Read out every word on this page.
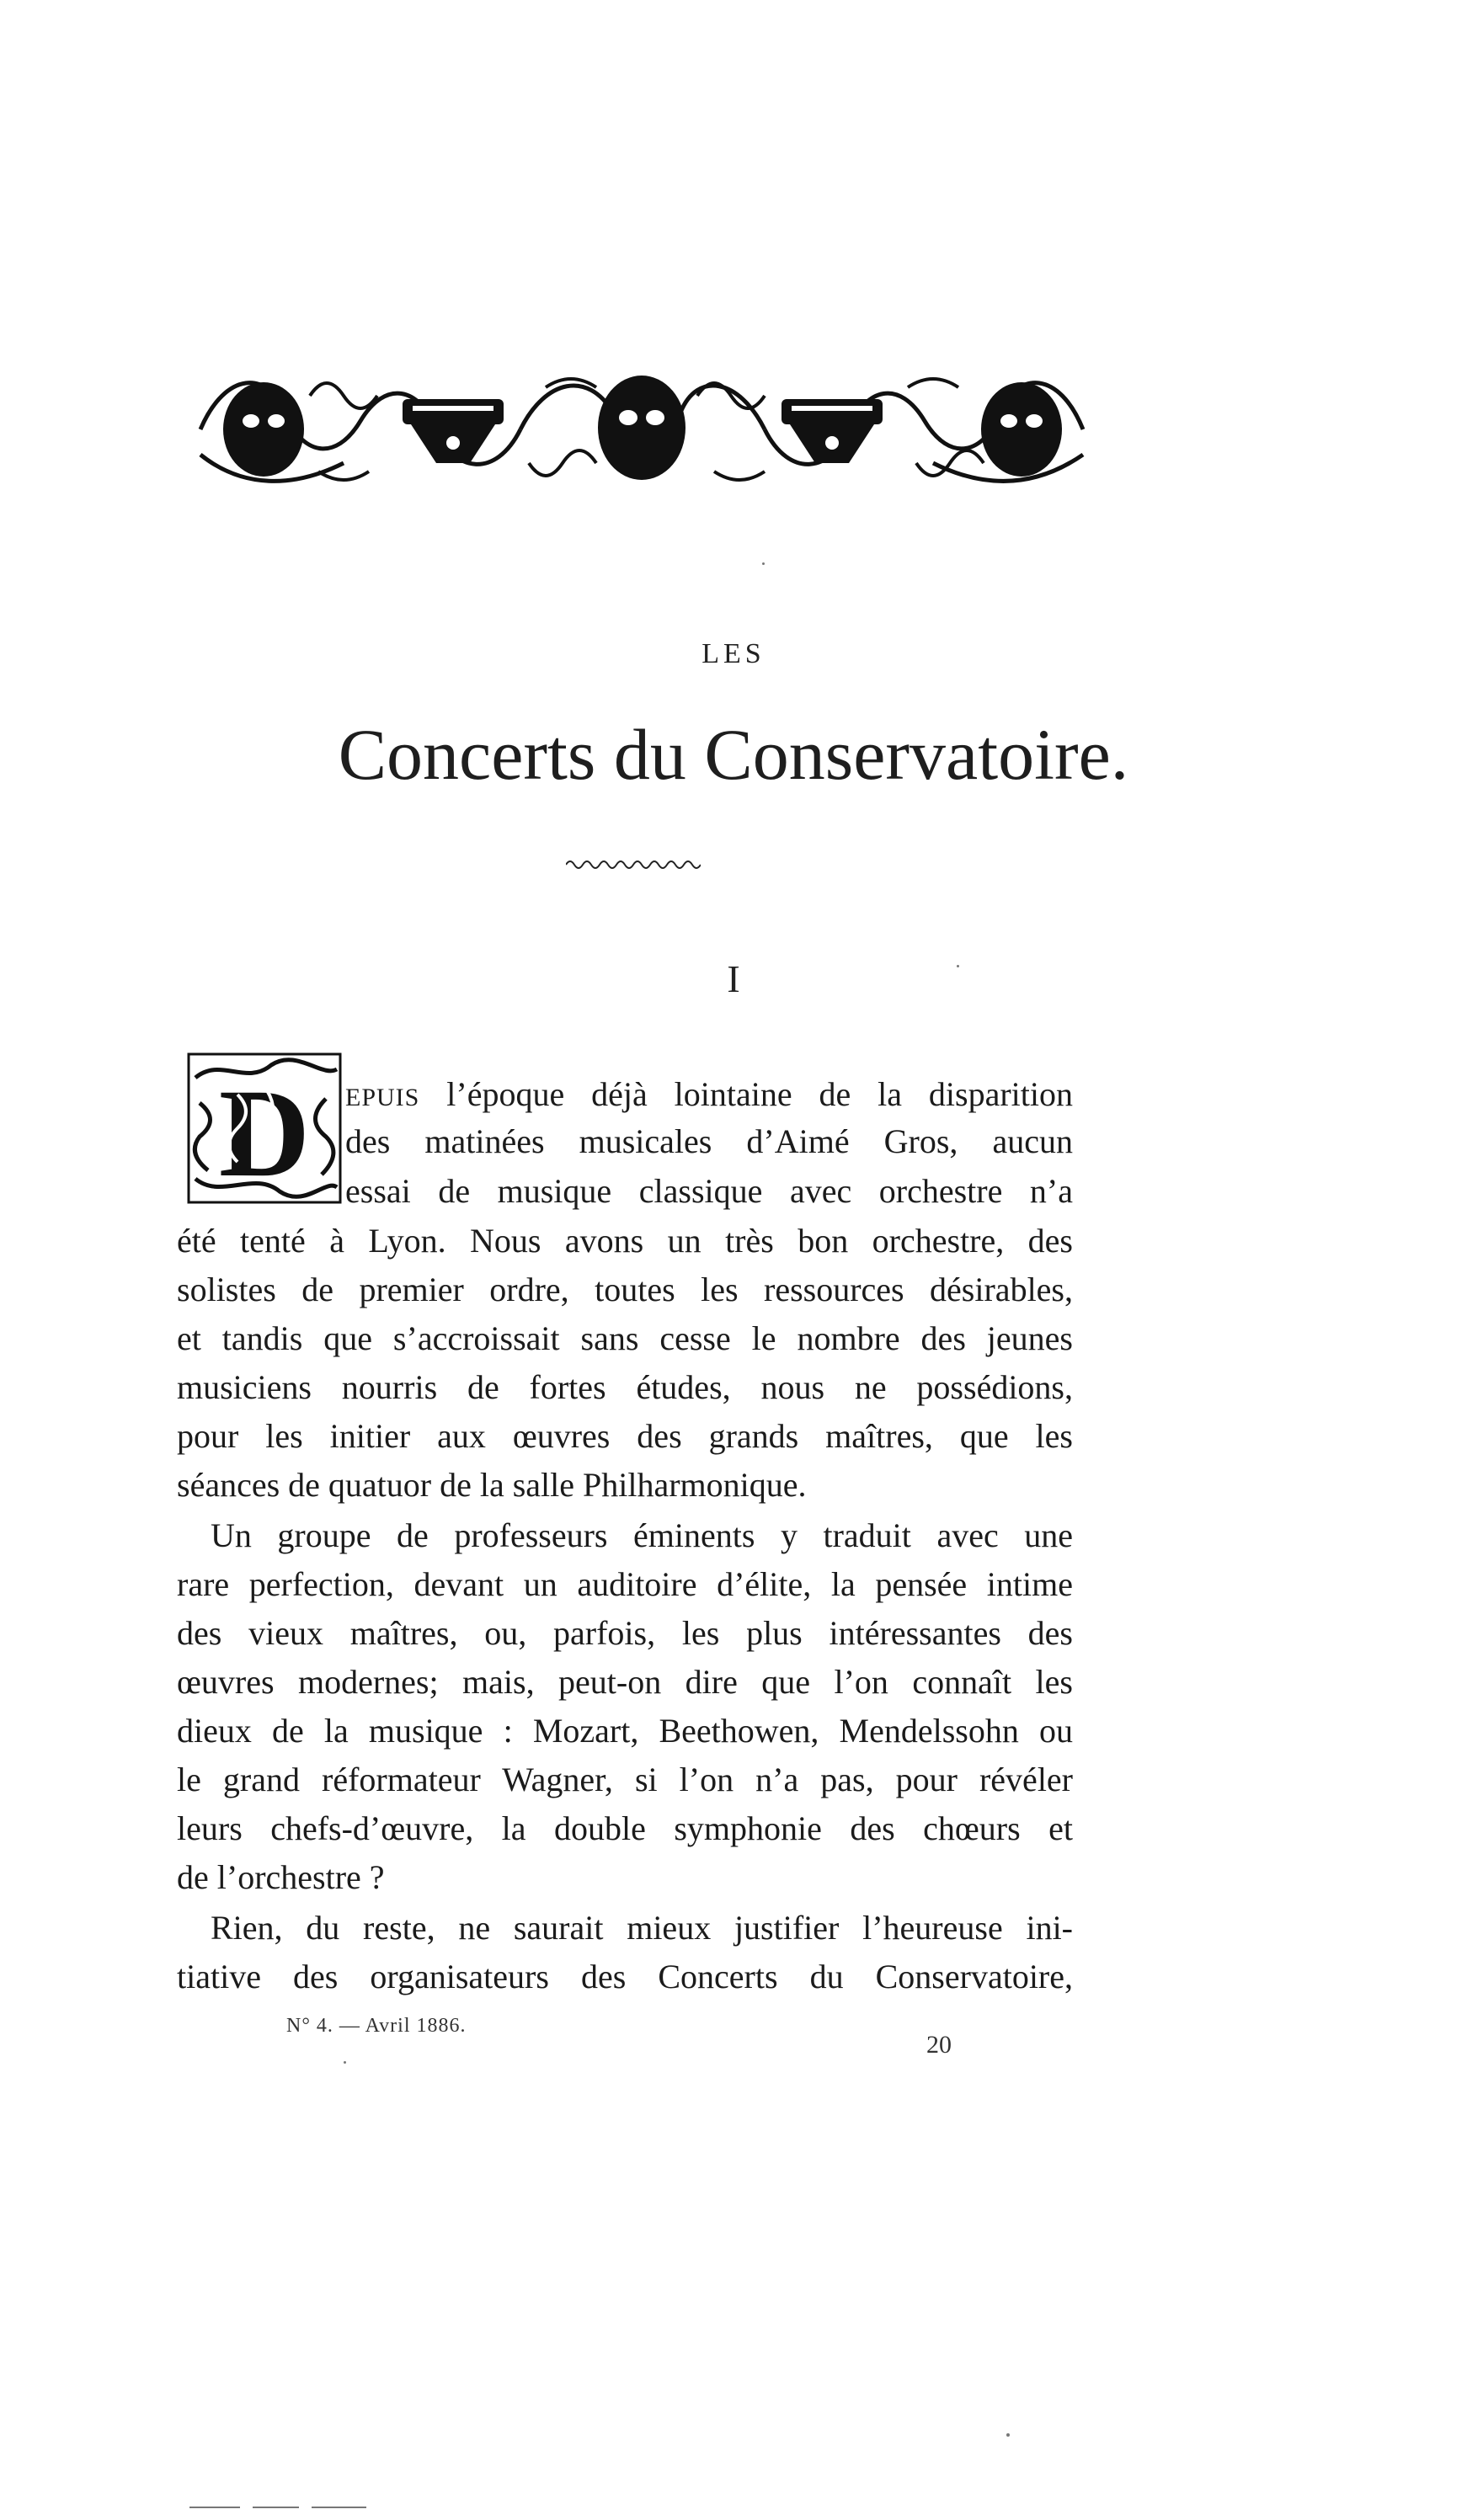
LES
Concerts du Conservatoire.
I
D EPUIS l’époque déjà lointaine de la disparition
des matinées musicales d’Aimé Gros, aucun
essai de musique classique avec orchestre n’a
été tenté à Lyon. Nous avons un très bon orchestre, des
solistes de premier ordre, toutes les ressources désirables,
et tandis que s’accroissait sans cesse le nombre des jeunes
musiciens nourris de fortes études, nous ne possédions,
pour les initier aux œuvres des grands maîtres, que les
séances de quatuor de la salle Philharmonique.
Un groupe de professeurs éminents y traduit avec une
rare perfection, devant un auditoire d’élite, la pensée intime
des vieux maîtres, ou, parfois, les plus intéressantes des
œuvres modernes; mais, peut-on dire que l’on connaît les
dieux de la musique : Mozart, Beethowen, Mendelssohn ou
le grand réformateur Wagner, si l’on n’a pas, pour révéler
leurs chefs-d’œuvre, la double symphonie des chœurs et
de l’orchestre ?
Rien, du reste, ne saurait mieux justifier l’heureuse ini-
tiative des organisateurs des Concerts du Conservatoire,
N° 4. — Avril 1886.
20
